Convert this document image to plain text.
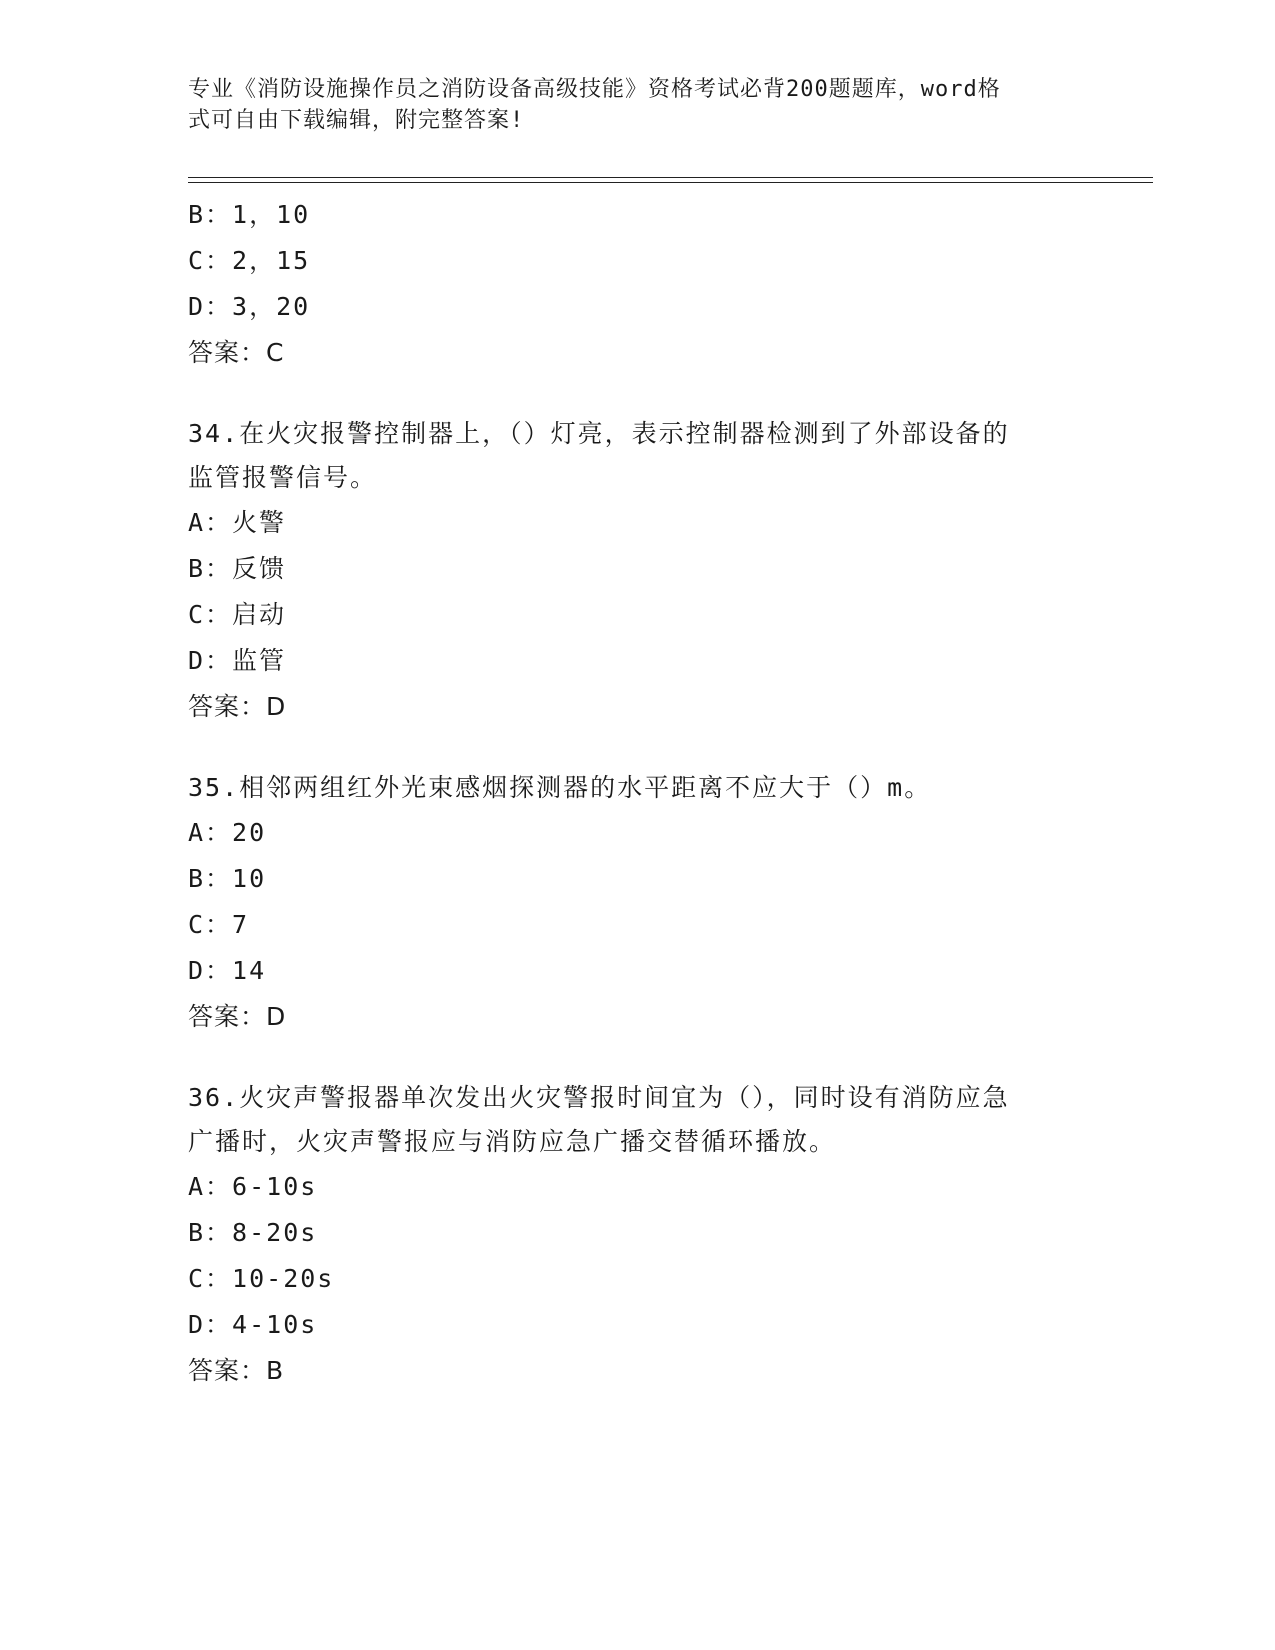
专业《消防设施操作员之消防设备高级技能》资格考试必背200题题库，word格
式可自由下载编辑，附完整答案!
B：1，10
C：2，15
D：3，20
答案：C
34.在火灾报警控制器上，（）灯亮，表示控制器检测到了外部设备的
监管报警信号。
A：火警
B：反馈
C：启动
D：监管
答案：D
35.相邻两组红外光束感烟探测器的水平距离不应大于（）m。
A：20
B：10
C：7
D：14
答案：D
36.火灾声警报器单次发出火灾警报时间宜为（），同时设有消防应急
广播时，火灾声警报应与消防应急广播交替循环播放。
A：6-10s
B：8-20s
C：10-20s
D：4-10s
答案：B
